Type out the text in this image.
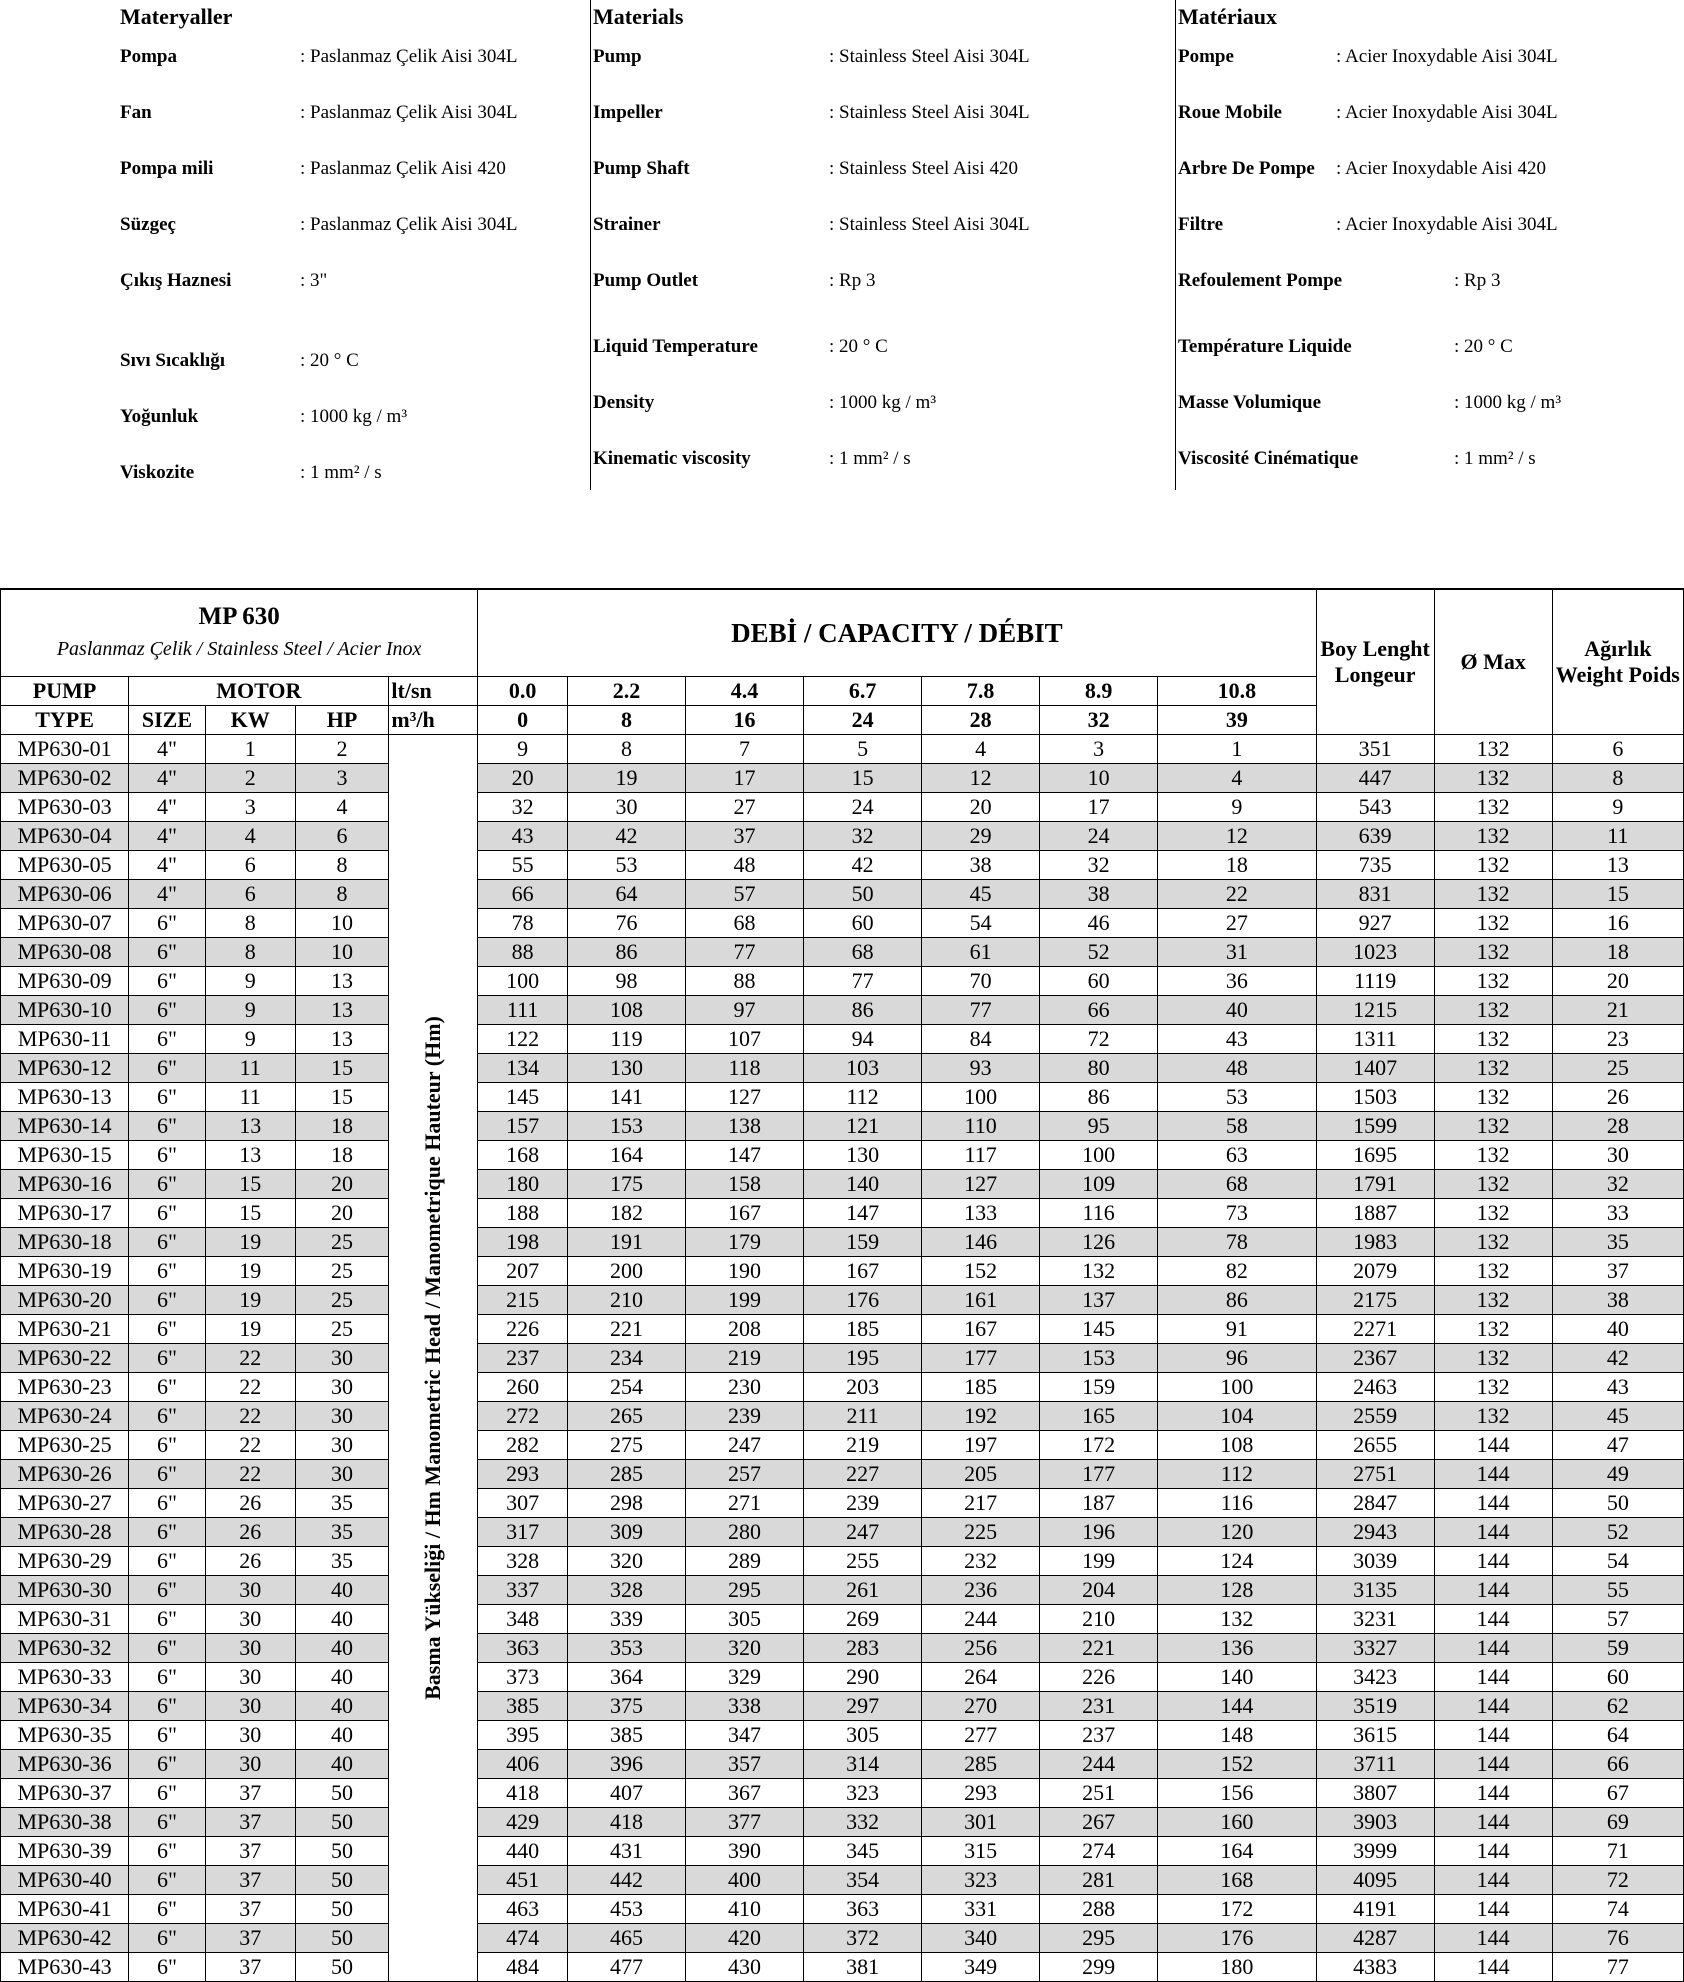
Materyaller
Pompa	: Paslanmaz Çelik Aisi 304L
Fan	: Paslanmaz Çelik Aisi 304L
Pompa mili	: Paslanmaz Çelik Aisi 420
Süzgeç	: Paslanmaz Çelik Aisi 304L
Çıkış Haznesi	: 3"
Sıvı Sıcaklığı	: 20 ° C
Yoğunluk	: 1000 kg / m³
Viskozite	: 1 mm² / s
Materials
Pump	: Stainless Steel Aisi 304L
Impeller	: Stainless Steel Aisi 304L
Pump Shaft	: Stainless Steel Aisi 420
Strainer	: Stainless Steel Aisi 304L
Pump Outlet	: Rp 3
Liquid Temperature	: 20 ° C
Density	: 1000 kg / m³
Kinematic viscosity	: 1 mm² / s
Matériaux
Pompe	: Acier Inoxydable Aisi 304L
Roue Mobile	: Acier Inoxydable Aisi 304L
Arbre De Pompe : Acier Inoxydable Aisi 420
Filtre	: Acier Inoxydable Aisi 304L
Refoulement Pompe	: Rp 3
Température Liquide	: 20 ° C
Masse Volumique	: 1000 kg / m³
Viscosité Cinématique	: 1 mm² / s
MP 630
Paslanmaz Çelik / Stainless Steel / Acier Inox					DEBİ / CAPACITY / DÉBIT							Boy Lenght Longeur	Ø Max	Ağırlık Weight Poids
PUMP	MOTOR			lt/sn	0.0	2.2	4.4	6.7	7.8	8.9	10.8			
TYPE	SIZE	KW	HP	m³/h	0	8	16	24	28	32	39			
MP630-01	4"	1	2	Basma Yükseliği / Hm Manometric Head / Manometrique Hauteur (Hm)	9	8	7	5	4	3	1	351	132	6
MP630-02	4"	2	3		20	19	17	15	12	10	4	447	132	8
MP630-03	4"	3	4		32	30	27	24	20	17	9	543	132	9
MP630-04	4"	4	6		43	42	37	32	29	24	12	639	132	11
MP630-05	4"	6	8		55	53	48	42	38	32	18	735	132	13
MP630-06	4"	6	8		66	64	57	50	45	38	22	831	132	15
MP630-07	6"	8	10		78	76	68	60	54	46	27	927	132	16
MP630-08	6"	8	10		88	86	77	68	61	52	31	1023	132	18
MP630-09	6"	9	13		100	98	88	77	70	60	36	1119	132	20
MP630-10	6"	9	13		111	108	97	86	77	66	40	1215	132	21
MP630-11	6"	9	13		122	119	107	94	84	72	43	1311	132	23
MP630-12	6"	11	15		134	130	118	103	93	80	48	1407	132	25
MP630-13	6"	11	15		145	141	127	112	100	86	53	1503	132	26
MP630-14	6"	13	18		157	153	138	121	110	95	58	1599	132	28
MP630-15	6"	13	18		168	164	147	130	117	100	63	1695	132	30
MP630-16	6"	15	20		180	175	158	140	127	109	68	1791	132	32
MP630-17	6"	15	20		188	182	167	147	133	116	73	1887	132	33
MP630-18	6"	19	25		198	191	179	159	146	126	78	1983	132	35
MP630-19	6"	19	25		207	200	190	167	152	132	82	2079	132	37
MP630-20	6"	19	25		215	210	199	176	161	137	86	2175	132	38
MP630-21	6"	19	25		226	221	208	185	167	145	91	2271	132	40
MP630-22	6"	22	30		237	234	219	195	177	153	96	2367	132	42
MP630-23	6"	22	30		260	254	230	203	185	159	100	2463	132	43
MP630-24	6"	22	30		272	265	239	211	192	165	104	2559	132	45
MP630-25	6"	22	30		282	275	247	219	197	172	108	2655	144	47
MP630-26	6"	22	30		293	285	257	227	205	177	112	2751	144	49
MP630-27	6"	26	35		307	298	271	239	217	187	116	2847	144	50
MP630-28	6"	26	35		317	309	280	247	225	196	120	2943	144	52
MP630-29	6"	26	35		328	320	289	255	232	199	124	3039	144	54
MP630-30	6"	30	40		337	328	295	261	236	204	128	3135	144	55
MP630-31	6"	30	40		348	339	305	269	244	210	132	3231	144	57
MP630-32	6"	30	40		363	353	320	283	256	221	136	3327	144	59
MP630-33	6"	30	40		373	364	329	290	264	226	140	3423	144	60
MP630-34	6"	30	40		385	375	338	297	270	231	144	3519	144	62
MP630-35	6"	30	40		395	385	347	305	277	237	148	3615	144	64
MP630-36	6"	30	40		406	396	357	314	285	244	152	3711	144	66
MP630-37	6"	37	50		418	407	367	323	293	251	156	3807	144	67
MP630-38	6"	37	50		429	418	377	332	301	267	160	3903	144	69
MP630-39	6"	37	50		440	431	390	345	315	274	164	3999	144	71
MP630-40	6"	37	50		451	442	400	354	323	281	168	4095	144	72
MP630-41	6"	37	50		463	453	410	363	331	288	172	4191	144	74
MP630-42	6"	37	50		474	465	420	372	340	295	176	4287	144	76
MP630-43	6"	37	50		484	477	430	381	349	299	180	4383	144	77
